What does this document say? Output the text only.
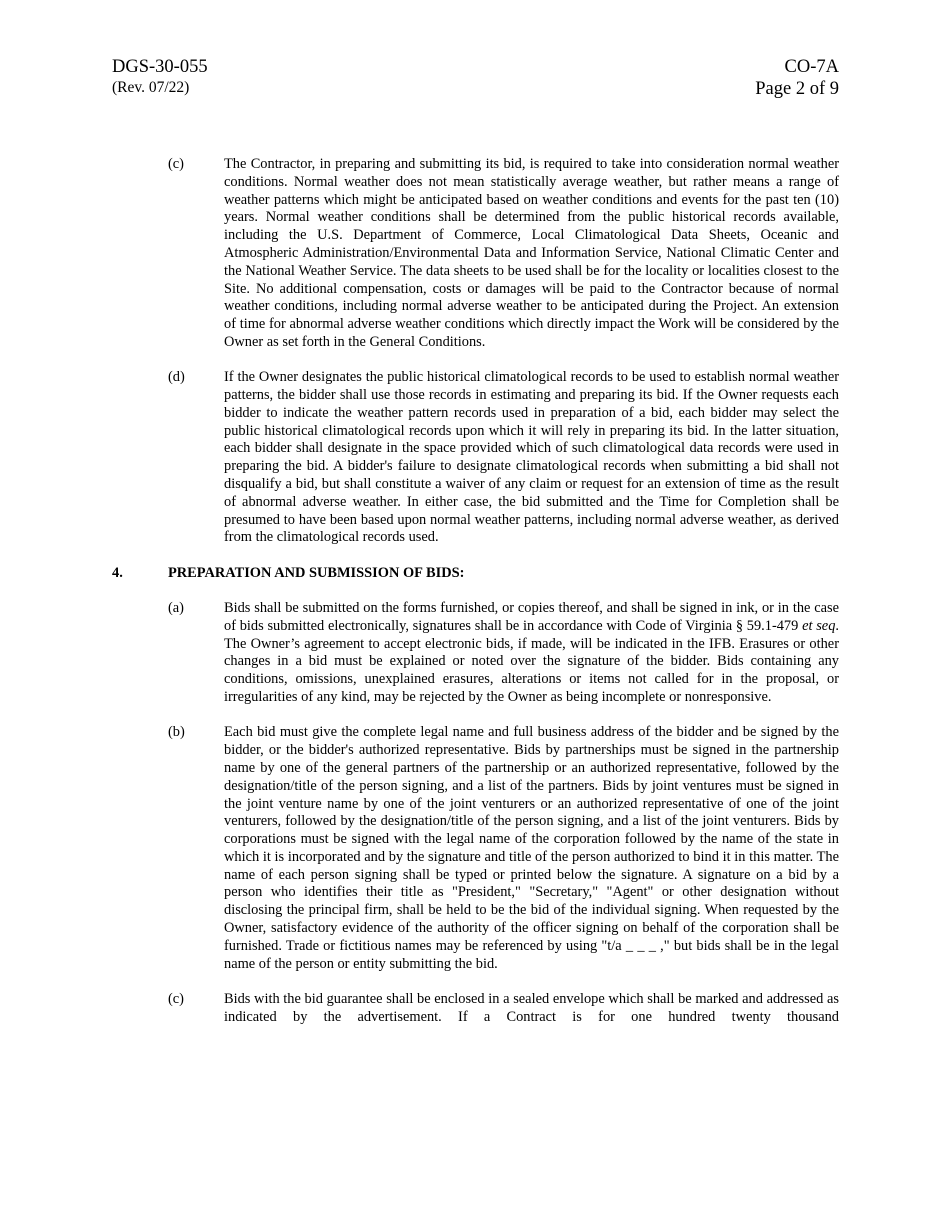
DGS-30-055
(Rev. 07/22)
CO-7A
Page 2 of 9
(c)	The Contractor, in preparing and submitting its bid, is required to take into consideration normal weather conditions. Normal weather does not mean statistically average weather, but rather means a range of weather patterns which might be anticipated based on weather conditions and events for the past ten (10) years. Normal weather conditions shall be determined from the public historical records available, including the U.S. Department of Commerce, Local Climatological Data Sheets, Oceanic and Atmospheric Administration/Environmental Data and Information Service, National Climatic Center and the National Weather Service. The data sheets to be used shall be for the locality or localities closest to the Site. No additional compensation, costs or damages will be paid to the Contractor because of normal weather conditions, including normal adverse weather to be anticipated during the Project. An extension of time for abnormal adverse weather conditions which directly impact the Work will be considered by the Owner as set forth in the General Conditions.
(d)	If the Owner designates the public historical climatological records to be used to establish normal weather patterns, the bidder shall use those records in estimating and preparing its bid. If the Owner requests each bidder to indicate the weather pattern records used in preparation of a bid, each bidder may select the public historical climatological records upon which it will rely in preparing its bid. In the latter situation, each bidder shall designate in the space provided which of such climatological data records were used in preparing the bid. A bidder's failure to designate climatological records when submitting a bid shall not disqualify a bid, but shall constitute a waiver of any claim or request for an extension of time as the result of abnormal adverse weather. In either case, the bid submitted and the Time for Completion shall be presumed to have been based upon normal weather patterns, including normal adverse weather, as derived from the climatological records used.
4.	PREPARATION AND SUBMISSION OF BIDS:
(a)	Bids shall be submitted on the forms furnished, or copies thereof, and shall be signed in ink, or in the case of bids submitted electronically, signatures shall be in accordance with Code of Virginia § 59.1-479 et seq. The Owner’s agreement to accept electronic bids, if made, will be indicated in the IFB. Erasures or other changes in a bid must be explained or noted over the signature of the bidder. Bids containing any conditions, omissions, unexplained erasures, alterations or items not called for in the proposal, or irregularities of any kind, may be rejected by the Owner as being incomplete or nonresponsive.
(b)	Each bid must give the complete legal name and full business address of the bidder and be signed by the bidder, or the bidder's authorized representative. Bids by partnerships must be signed in the partnership name by one of the general partners of the partnership or an authorized representative, followed by the designation/title of the person signing, and a list of the partners. Bids by joint ventures must be signed in the joint venture name by one of the joint venturers or an authorized representative of one of the joint venturers, followed by the designation/title of the person signing, and a list of the joint venturers. Bids by corporations must be signed with the legal name of the corporation followed by the name of the state in which it is incorporated and by the signature and title of the person authorized to bind it in this matter. The name of each person signing shall be typed or printed below the signature. A signature on a bid by a person who identifies their title as "President," "Secretary," "Agent" or other designation without disclosing the principal firm, shall be held to be the bid of the individual signing. When requested by the Owner, satisfactory evidence of the authority of the officer signing on behalf of the corporation shall be furnished. Trade or fictitious names may be referenced by using "t/a _ _ _ ," but bids shall be in the legal name of the person or entity submitting the bid.
(c)	Bids with the bid guarantee shall be enclosed in a sealed envelope which shall be marked and addressed as indicated by the advertisement. If a Contract is for one hundred twenty thousand
